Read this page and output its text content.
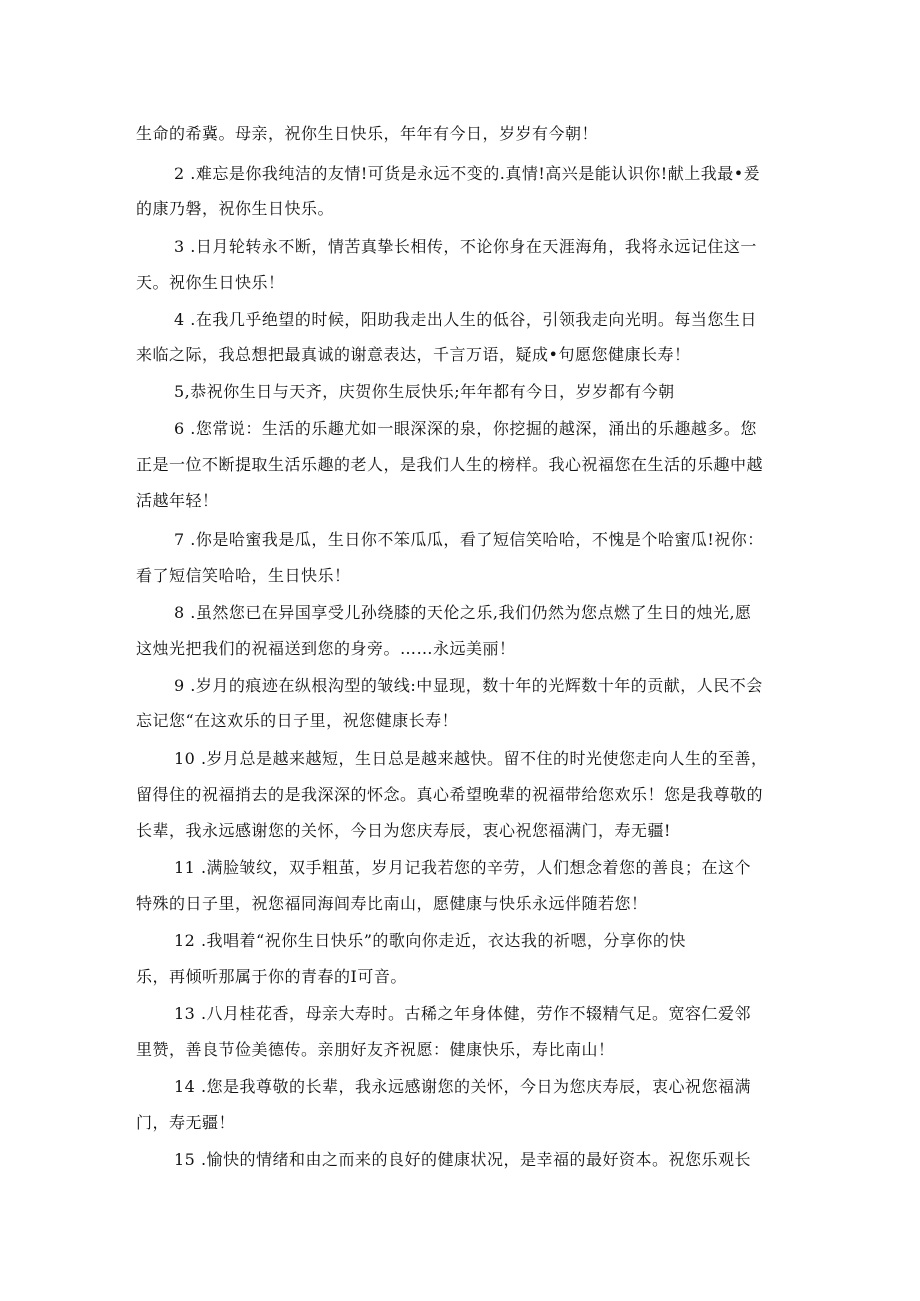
生命的希冀。母亲，祝你生日快乐，年年有今日，岁岁有今朝！
2 .难忘是你我纯洁的友情!可货是永远不变的.真情!高兴是能认识你!献上我最•爰
的康乃磐，祝你生日快乐。
3 .日月轮转永不断，情苦真挚长相传，不论你身在天涯海角，我将永远记住这一
天。祝你生日快乐！
4 .在我几乎绝望的时候，阳助我走出人生的低谷，引领我走向光明。每当您生日
来临之际，我总想把最真诚的谢意表达，千言万语，疑成•句愿您健康长寿！
5,恭祝你生日与天齐，庆贺你生辰快乐;年年都有今日，岁岁都有今朝
6 .您常说：生活的乐趣尤如一眼深深的泉，你挖掘的越深，涌出的乐趣越多。您
正是一位不断提取生活乐趣的老人，是我们人生的榜样。我心祝福您在生活的乐趣中越
活越年轻！
7 .你是哈蜜我是瓜，生日你不笨瓜瓜，看了短信笑哈哈，不愧是个哈蜜瓜!祝你：
看了短信笑哈哈，生日快乐！
8 .虽然您已在异国享受儿孙绕膝的天伦之乐,我们仍然为您点燃了生日的烛光,愿
这烛光把我们的祝福送到您的身旁。……永远美丽！
9 .岁月的痕迹在纵根沟型的皱线:中显现，数十年的光辉数十年的贡献，人民不会
忘记您“在这欢乐的日子里，祝您健康长寿！
10 .岁月总是越来越短，生日总是越来越快。留不住的时光使您走向人生的至善，
留得住的祝福捎去的是我深深的怀念。真心希望晚辈的祝福带给您欢乐！您是我尊敬的
长辈，我永远感谢您的关怀，今日为您庆寿辰，衷心祝您福满门，寿无疆!
11 .满脸皱纹，双手粗茧，岁月记我若您的辛劳，人们想念着您的善良；在这个
特殊的日子里，祝您福同海闾寿比南山，愿健康与快乐永远伴随若您！
12 .我唱着“祝你生日快乐”的歌向你走近，衣达我的祈嗯，分享你的快
乐，再倾听那属于你的青春的I可音。
13 .八月桂花香，母亲大寿时。古稀之年身体健，劳作不辍精气足。宽容仁爱邻
里赞，善良节俭美德传。亲朋好友齐祝愿：健康快乐，寿比南山！
14 .您是我尊敬的长辈，我永远感谢您的关怀，今日为您庆寿辰，衷心祝您福满
门，寿无疆！
15 .愉快的情绪和由之而来的良好的健康状况，是幸福的最好资本。祝您乐观长
